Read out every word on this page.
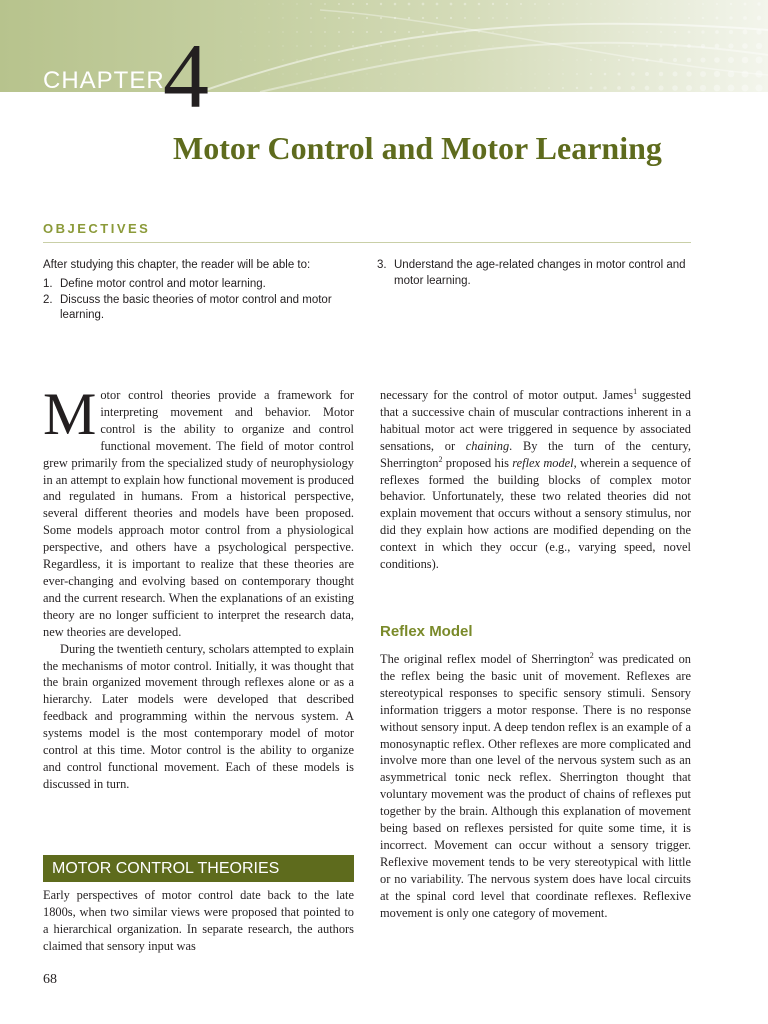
CHAPTER
4
Motor Control and Motor Learning
OBJECTIVES
After studying this chapter, the reader will be able to:
1. Define motor control and motor learning.
2. Discuss the basic theories of motor control and motor learning.
3. Understand the age-related changes in motor control and motor learning.

Motor control theories provide a framework for interpreting movement and behavior. Motor control is the ability to organize and control functional movement. The field of motor control grew primarily from the specialized study of neurophysiology in an attempt to explain how functional movement is produced and regulated in humans. From a historical perspective, several different theories and models have been proposed. Some models approach motor control from a physiological perspective, and others have a psychological perspective. Regardless, it is important to realize that these theories are ever-changing and evolving based on contemporary thought and the current research. When the explanations of an existing theory are no longer sufficient to interpret the research data, new theories are developed.

During the twentieth century, scholars attempted to explain the mechanisms of motor control. Initially, it was thought that the brain organized movement through reflexes alone or as a hierarchy. Later models were developed that described feedback and programming within the nervous system. A systems model is the most contemporary model of motor control at this time. Motor control is the ability to organize and control functional movement. Each of these models is discussed in turn.

MOTOR CONTROL THEORIES

Early perspectives of motor control date back to the late 1800s, when two similar views were proposed that pointed to a hierarchical organization. In separate research, the authors claimed that sensory input was

necessary for the control of motor output. James$^1$ suggested that a successive chain of muscular contractions inherent in a habitual motor act were triggered in sequence by associated sensations, or chaining. By the turn of the century, Sherrington$^2$ proposed his reflex model, wherein a sequence of reflexes formed the building blocks of complex motor behavior. Unfortunately, these two related theories did not explain movement that occurs without a sensory stimulus, nor did they explain how actions are modified depending on the context in which they occur (e.g., varying speed, novel conditions).

Reflex Model

The original reflex model of Sherrington$^2$ was predicated on the reflex being the basic unit of movement. Reflexes are stereotypical responses to specific sensory stimuli. Sensory information triggers a motor response. There is no response without sensory input. A deep tendon reflex is an example of a monosynaptic reflex. Other reflexes are more complicated and involve more than one level of the nervous system such as an asymmetrical tonic neck reflex. Sherrington thought that voluntary movement was the product of chains of reflexes put together by the brain. Although this explanation of movement being based on reflexes persisted for quite some time, it is incorrect. Movement can occur without a sensory trigger. Reflexive movement tends to be very stereotypical with little or no variability. The nervous system does have local circuits at the spinal cord level that coordinate reflexes. Reflexive movement is only one category of movement.

68
